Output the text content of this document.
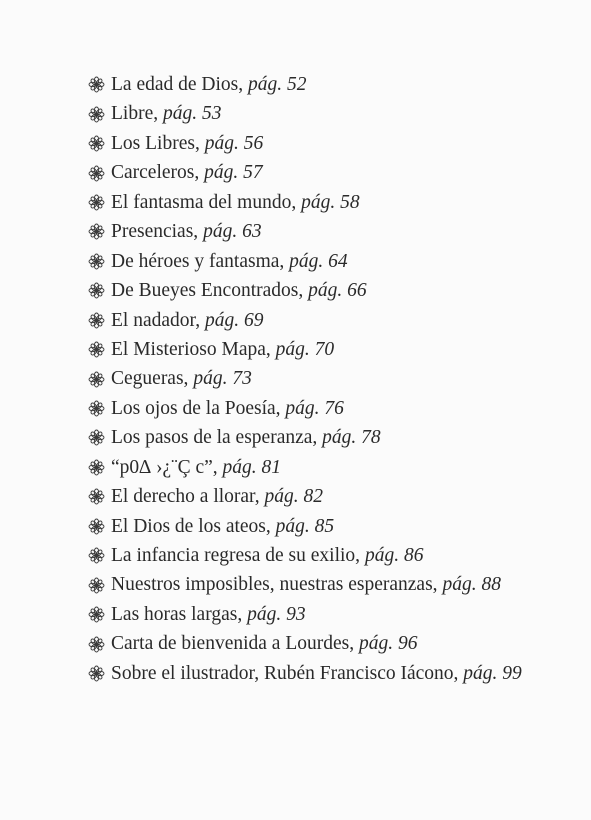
La edad de Dios,
pág. 52
Libre,
pág. 53
Los Libres,
pág. 56
Carceleros,
pág. 57
El fantasma del mundo,
pág. 58
Presencias,
pág. 63
De héroes y fantasma,
pág. 64
De Bueyes Encontrados,
pág. 66
El nadador,
pág. 69
El Misterioso Mapa,
pág. 70
Cegueras,
pág. 73
Los ojos de la Poesía,
pág. 76
Los pasos de la esperanza,
pág. 78
“p0∆ ›¿¨Ç c”,
pág. 81
El derecho a llorar,
pág. 82
El Dios de los ateos,
pág. 85
La infancia regresa de su exilio,
pág. 86
Nuestros imposibles, nuestras esperanzas,
pág. 88
Las horas largas,
pág. 93
Carta de bienvenida a Lourdes,
pág. 96
Sobre el ilustrador, Rubén Francisco Iácono,
pág. 99
